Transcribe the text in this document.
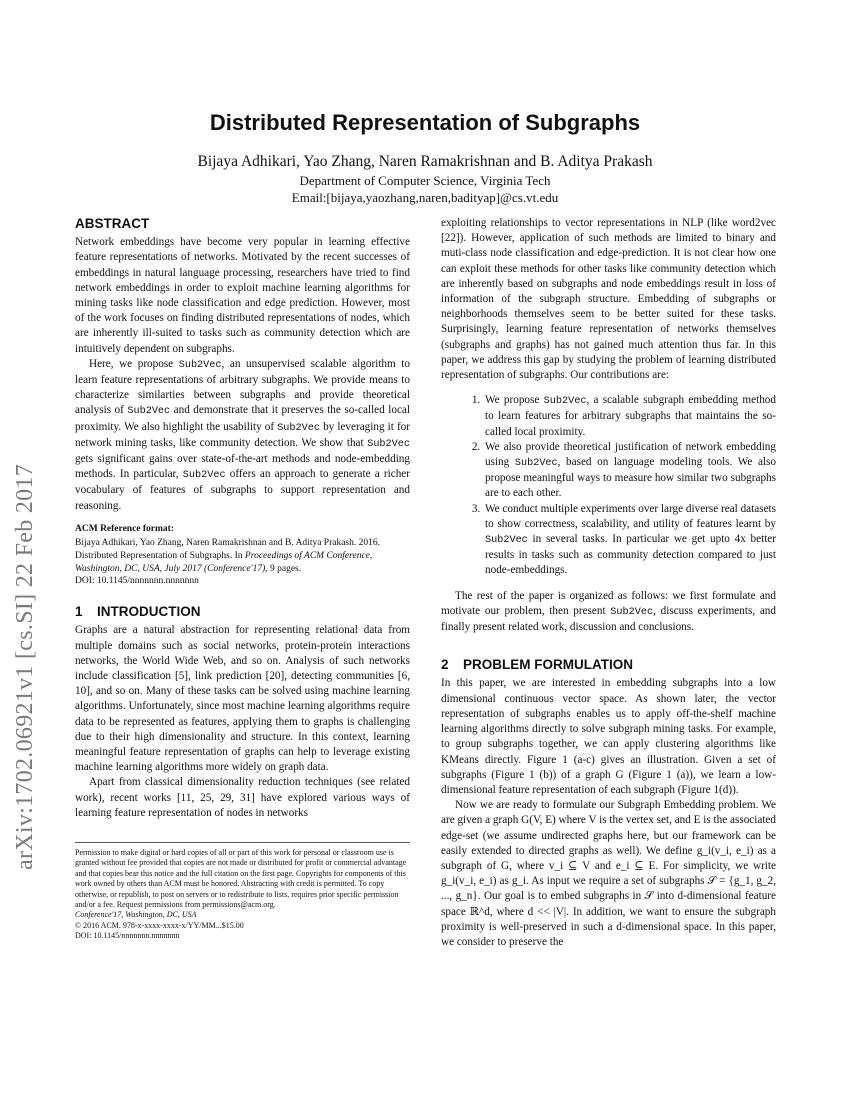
arXiv:1702.06921v1 [cs.SI] 22 Feb 2017
Distributed Representation of Subgraphs
Bijaya Adhikari, Yao Zhang, Naren Ramakrishnan and B. Aditya Prakash
Department of Computer Science, Virginia Tech
Email:[bijaya,yaozhang,naren,badityap]@cs.vt.edu
ABSTRACT

Network embeddings have become very popular in learning effective feature representations of networks. Motivated by the recent successes of embeddings in natural language processing, researchers have tried to find network embeddings in order to exploit machine learning algorithms for mining tasks like node classification and edge prediction. However, most of the work focuses on finding distributed representations of nodes, which are inherently ill-suited to tasks such as community detection which are intuitively dependent on subgraphs.

Here, we propose Sub2Vec, an unsupervised scalable algorithm to learn feature representations of arbitrary subgraphs. We provide means to characterize similarties between subgraphs and provide theoretical analysis of Sub2Vec and demonstrate that it preserves the so-called local proximity. We also highlight the usability of Sub2Vec by leveraging it for network mining tasks, like community detection. We show that Sub2Vec gets significant gains over state-of-the-art methods and node-embedding methods. In particular, Sub2Vec offers an approach to generate a richer vocabulary of features of subgraphs to support representation and reasoning.

ACM Reference format:
Bijaya Adhikari, Yao Zhang, Naren Ramakrishnan and B. Aditya Prakash. 2016. Distributed Representation of Subgraphs. In Proceedings of ACM Conference, Washington, DC, USA, July 2017 (Conference'17), 9 pages.
DOI: 10.1145/nnnnnnn.nnnnnnn
1 INTRODUCTION

Graphs are a natural abstraction for representing relational data from multiple domains such as social networks, protein-protein interactions networks, the World Wide Web, and so on. Analysis of such networks include classification [5], link prediction [20], detecting communities [6, 10], and so on. Many of these tasks can be solved using machine learning algorithms. Unfortunately, since most machine learning algorithms require data to be represented as features, applying them to graphs is challenging due to their high dimensionality and structure. In this context, learning meaningful feature representation of graphs can help to leverage existing machine learning algorithms more widely on graph data.

Apart from classical dimensionality reduction techniques (see related work), recent works [11, 25, 29, 31] have explored various ways of learning feature representation of nodes in networks

Permission to make digital or hard copies of all or part of this work for personal or classroom use is granted without fee provided that copies are not made or distributed for profit or commercial advantage and that copies bear this notice and the full citation on the first page. Copyrights for components of this work owned by others than ACM must be honored. Abstracting with credit is permitted. To copy otherwise, or republish, to post on servers or to redistribute to lists, requires prior specific permission and/or a fee. Request permissions from permissions@acm.org.

Conference'17, Washington, DC, USA

© 2016 ACM. 978-x-xxxx-xxxx-x/YY/MM...$15.00

DOI: 10.1145/nnnnnnn.nnnnnnn

exploiting relationships to vector representations in NLP (like word2vec [22]). However, application of such methods are limited to binary and muti-class node classification and edge-prediction. It is not clear how one can exploit these methods for other tasks like community detection which are inherently based on subgraphs and node embeddings result in loss of information of the subgraph structure. Embedding of subgraphs or neighborhoods themselves seem to be better suited for these tasks. Surprisingly, learning feature representation of networks themselves (subgraphs and graphs) has not gained much attention thus far. In this paper, we address this gap by studying the problem of learning distributed representation of subgraphs. Our contributions are:

1. We propose Sub2Vec, a scalable subgraph embedding method to learn features for arbitrary subgraphs that maintains the so-called local proximity.
2. We also provide theoretical justification of network embedding using Sub2Vec, based on language modeling tools. We also propose meaningful ways to measure how similar two subgraphs are to each other.
3. We conduct multiple experiments over large diverse real datasets to show correctness, scalability, and utility of features learnt by Sub2Vec in several tasks. In particular we get upto 4x better results in tasks such as community detection compared to just node-embeddings.

The rest of the paper is organized as follows: we first formulate and motivate our problem, then present Sub2Vec, discuss experiments, and finally present related work, discussion and conclusions.

2 PROBLEM FORMULATION

In this paper, we are interested in embedding subgraphs into a low dimensional continuous vector space. As shown later, the vector representation of subgraphs enables us to apply off-the-shelf machine learning algorithms directly to solve subgraph mining tasks. For example, to group subgraphs together, we can apply clustering algorithms like KMeans directly. Figure 1 (a-c) gives an illustration. Given a set of subgraphs (Figure 1 (b)) of a graph G (Figure 1 (a)), we learn a low-dimensional feature representation of each subgraph (Figure 1(d)).

Now we are ready to formulate our Subgraph Embedding problem. We are given a graph G(V, E) where V is the vertex set, and E is the associated edge-set (we assume undirected graphs here, but our framework can be easily extended to directed graphs as well). We define g_i(v_i, e_i) as a subgraph of G, where v_i ⊆ V and e_i ⊆ E. For simplicity, we write g_i(v_i, e_i) as g_i. As input we require a set of subgraphs 𝒮 = {g_1, g_2, ..., g_n}. Our goal is to embed subgraphs in 𝒮 into d-dimensional feature space ℝ^d, where d << |V|. In addition, we want to ensure the subgraph proximity is well-preserved in such a d-dimensional space. In this paper, we consider to preserve the
